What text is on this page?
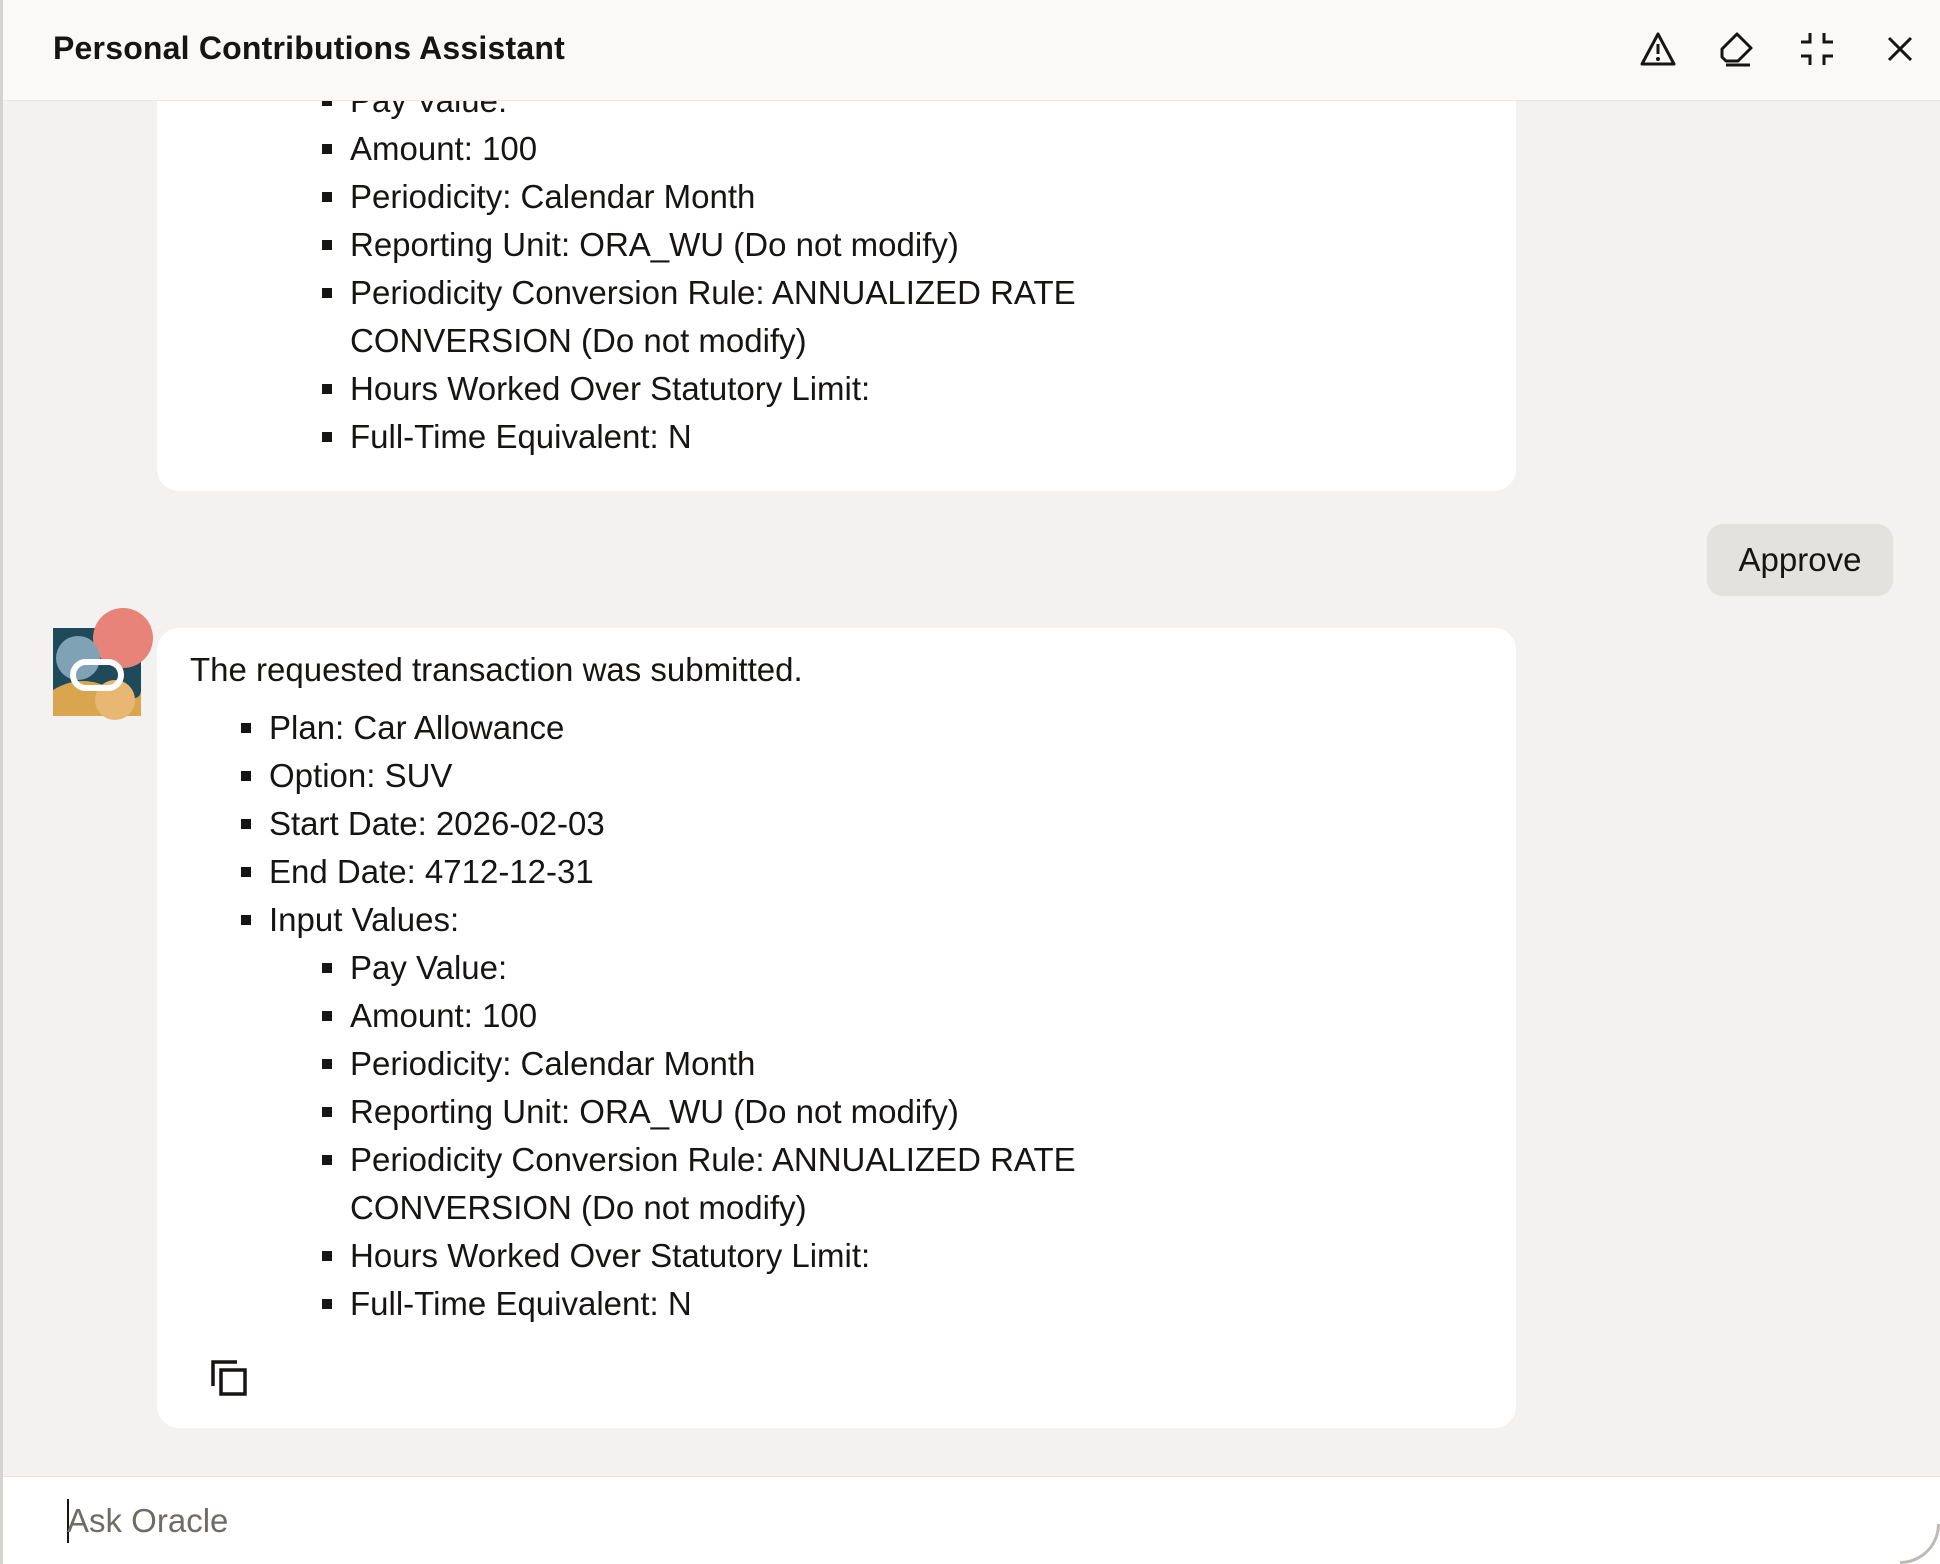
Personal Contributions Assistant
Amount: 100
Periodicity: Calendar Month
Reporting Unit: ORA_WU (Do not modify)
Periodicity Conversion Rule: ANNUALIZED RATE CONVERSION (Do not modify)
Hours Worked Over Statutory Limit:
Full-Time Equivalent: N
Approve
The requested transaction was submitted.
Plan: Car Allowance
Option: SUV
Start Date: 2026-02-03
End Date: 4712-12-31
Input Values:
Pay Value:
Amount: 100
Periodicity: Calendar Month
Reporting Unit: ORA_WU (Do not modify)
Periodicity Conversion Rule: ANNUALIZED RATE CONVERSION (Do not modify)
Hours Worked Over Statutory Limit:
Full-Time Equivalent: N
Ask Oracle
